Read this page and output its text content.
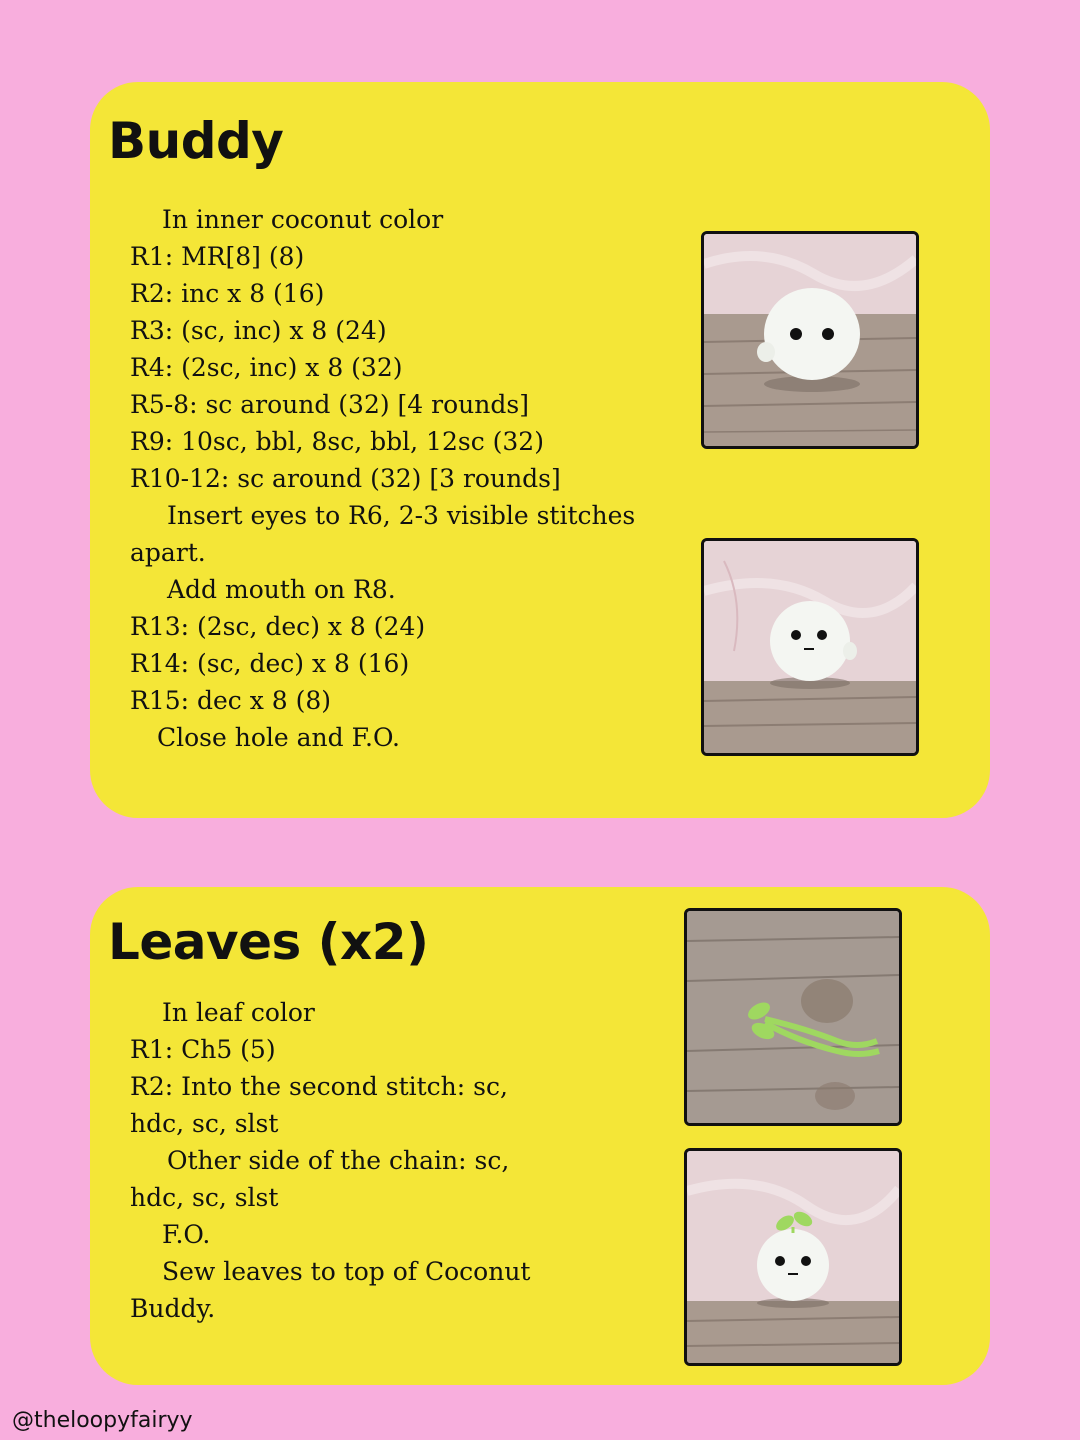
Buddy
In inner coconut color
R1: MR[8] (8)
R2: inc x 8 (16)
R3: (sc, inc) x 8 (24)
R4: (2sc, inc) x 8 (32)
R5-8: sc around (32) [4 rounds]
R9: 10sc, bbl, 8sc, bbl, 12sc (32)
R10-12: sc around (32) [3 rounds]
Insert eyes to R6, 2-3 visible stitches
apart.
Add mouth on R8.
R13: (2sc, dec) x 8 (24)
R14: (sc, dec) x 8 (16)
R15: dec x 8 (8)
Close hole and F.O.
Leaves (x2)
In leaf color
R1: Ch5 (5)
R2: Into the second stitch: sc,
hdc, sc, slst
Other side of the chain: sc,
hdc, sc, slst
F.O.
Sew leaves to top of Coconut
Buddy.

@theloopyfairyy
